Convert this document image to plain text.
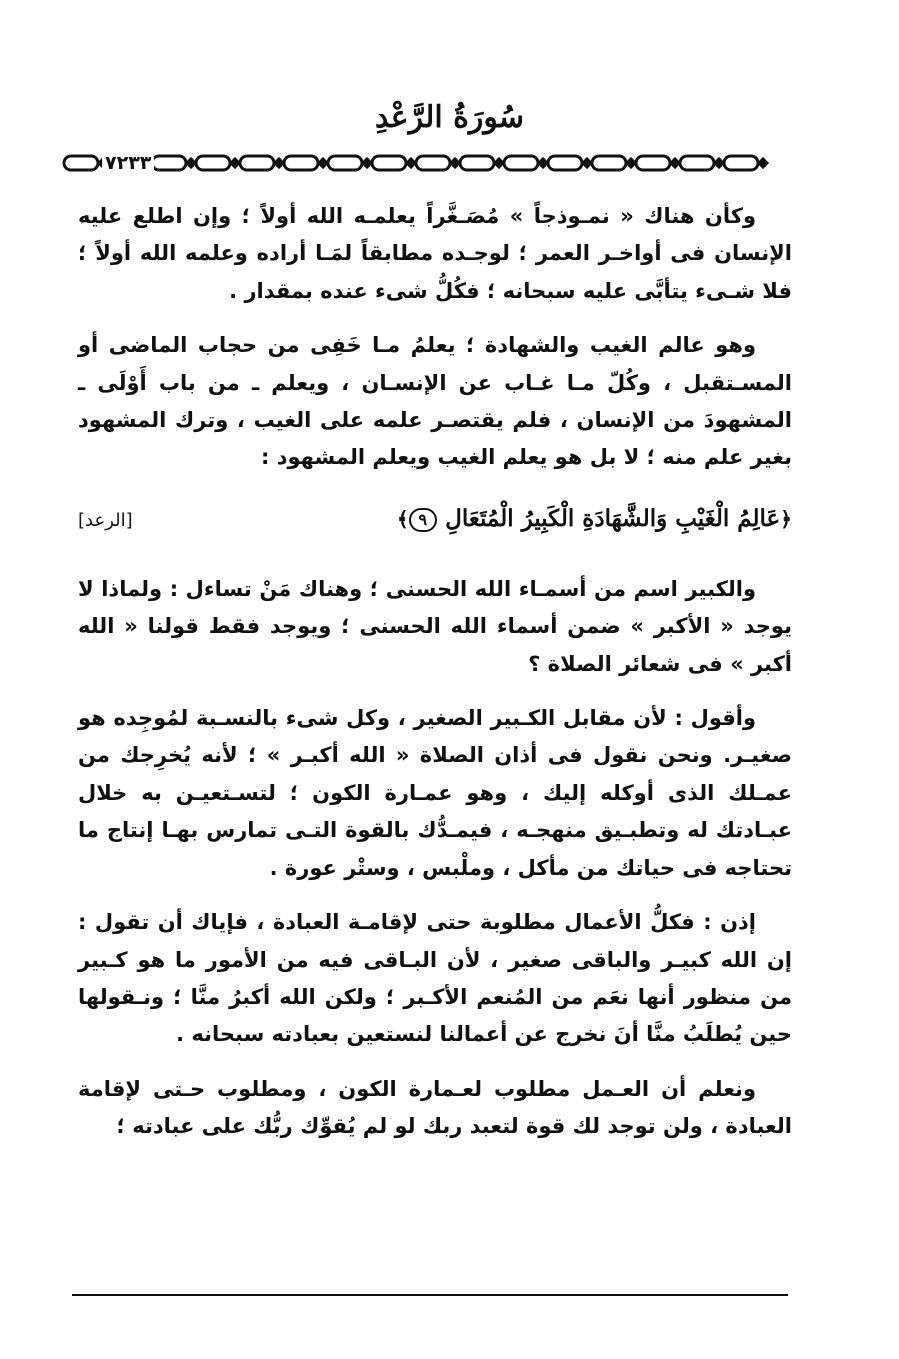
سُورَةُ الرَّعْدِ
٧٢٣٣

وكأن هناك « نمـوذجاً » مُصَـغَّراً يعلمـه الله أولاً ؛ وإن اطلع عليه الإنسان فى أواخـر العمر ؛ لوجـده مطابقاً لمَـا أراده وعلمه الله أولاً ؛ فلا شـىء يتأبَّى عليه سبحانه ؛ فكُلُّ شىء عنده بمقدار .

وهو عالم الغيب والشهادة ؛ يعلمُ مـا خَفِى من حجاب الماضى أو المسـتقبل ، وكُلّ مـا غـاب عن الإنسـان ، ويعلم ـ من باب أَوْلَى ـ المشهودَ من الإنسان ، فلم يقتصـر علمه على الغيب ، وترك المشهود بغير علم منه ؛ لا بل هو يعلم الغيب ويعلم المشهود :

﴿عَالِمُ الْغَيْبِ وَالشَّهَادَةِ الْكَبِيرُ الْمُتَعَالِ ٩﴾
[الرعد]

والكبير اسم من أسمـاء الله الحسنى ؛ وهناك مَنْ تساءل : ولماذا لا يوجد « الأكبر » ضمن أسماء الله الحسنى ؛ ويوجد فقط قولنا « الله أكبر » فى شعائر الصلاة ؟

وأقول : لأن مقابل الكـبير الصغير ، وكل شىء بالنسـبة لمُوجِده هو صغيـر. ونحن نقول فى أذان الصلاة « الله أكبـر » ؛ لأنه يُخرِجك من عمـلك الذى أوكله إليك ، وهو عمـارة الكون ؛ لتسـتعيـن به خلال عبـادتك له وتطبـيق منهجـه ، فيمـدُّك بالقوة التـى تمارس بهـا إنتاج ما تحتاجه فى حياتك من مأكل ، وملْبس ، وستْر عورة .

إذن : فكلُّ الأعمال مطلوبة حتى لإقامـة العبادة ، فإياك أن تقول : إن الله كبيـر والباقى صغير ، لأن البـاقى فيه من الأمور ما هو كـبير من منظور أنها نعَم من المُنعم الأكـبر ؛ ولكن الله أكبرُ منَّا ؛ ونـقولها حين يُطلَبُ منَّا أنَ نخرج عن أعمالنا لنستعين بعبادته سبحانه .

ونعلم أن العـمل مطلوب لعـمارة الكون ، ومطلوب حـتى لإقامة العبادة ، ولن توجد لك قوة لتعبد ربك لو لم يُقوِّك ربُّك على عبادته ؛
